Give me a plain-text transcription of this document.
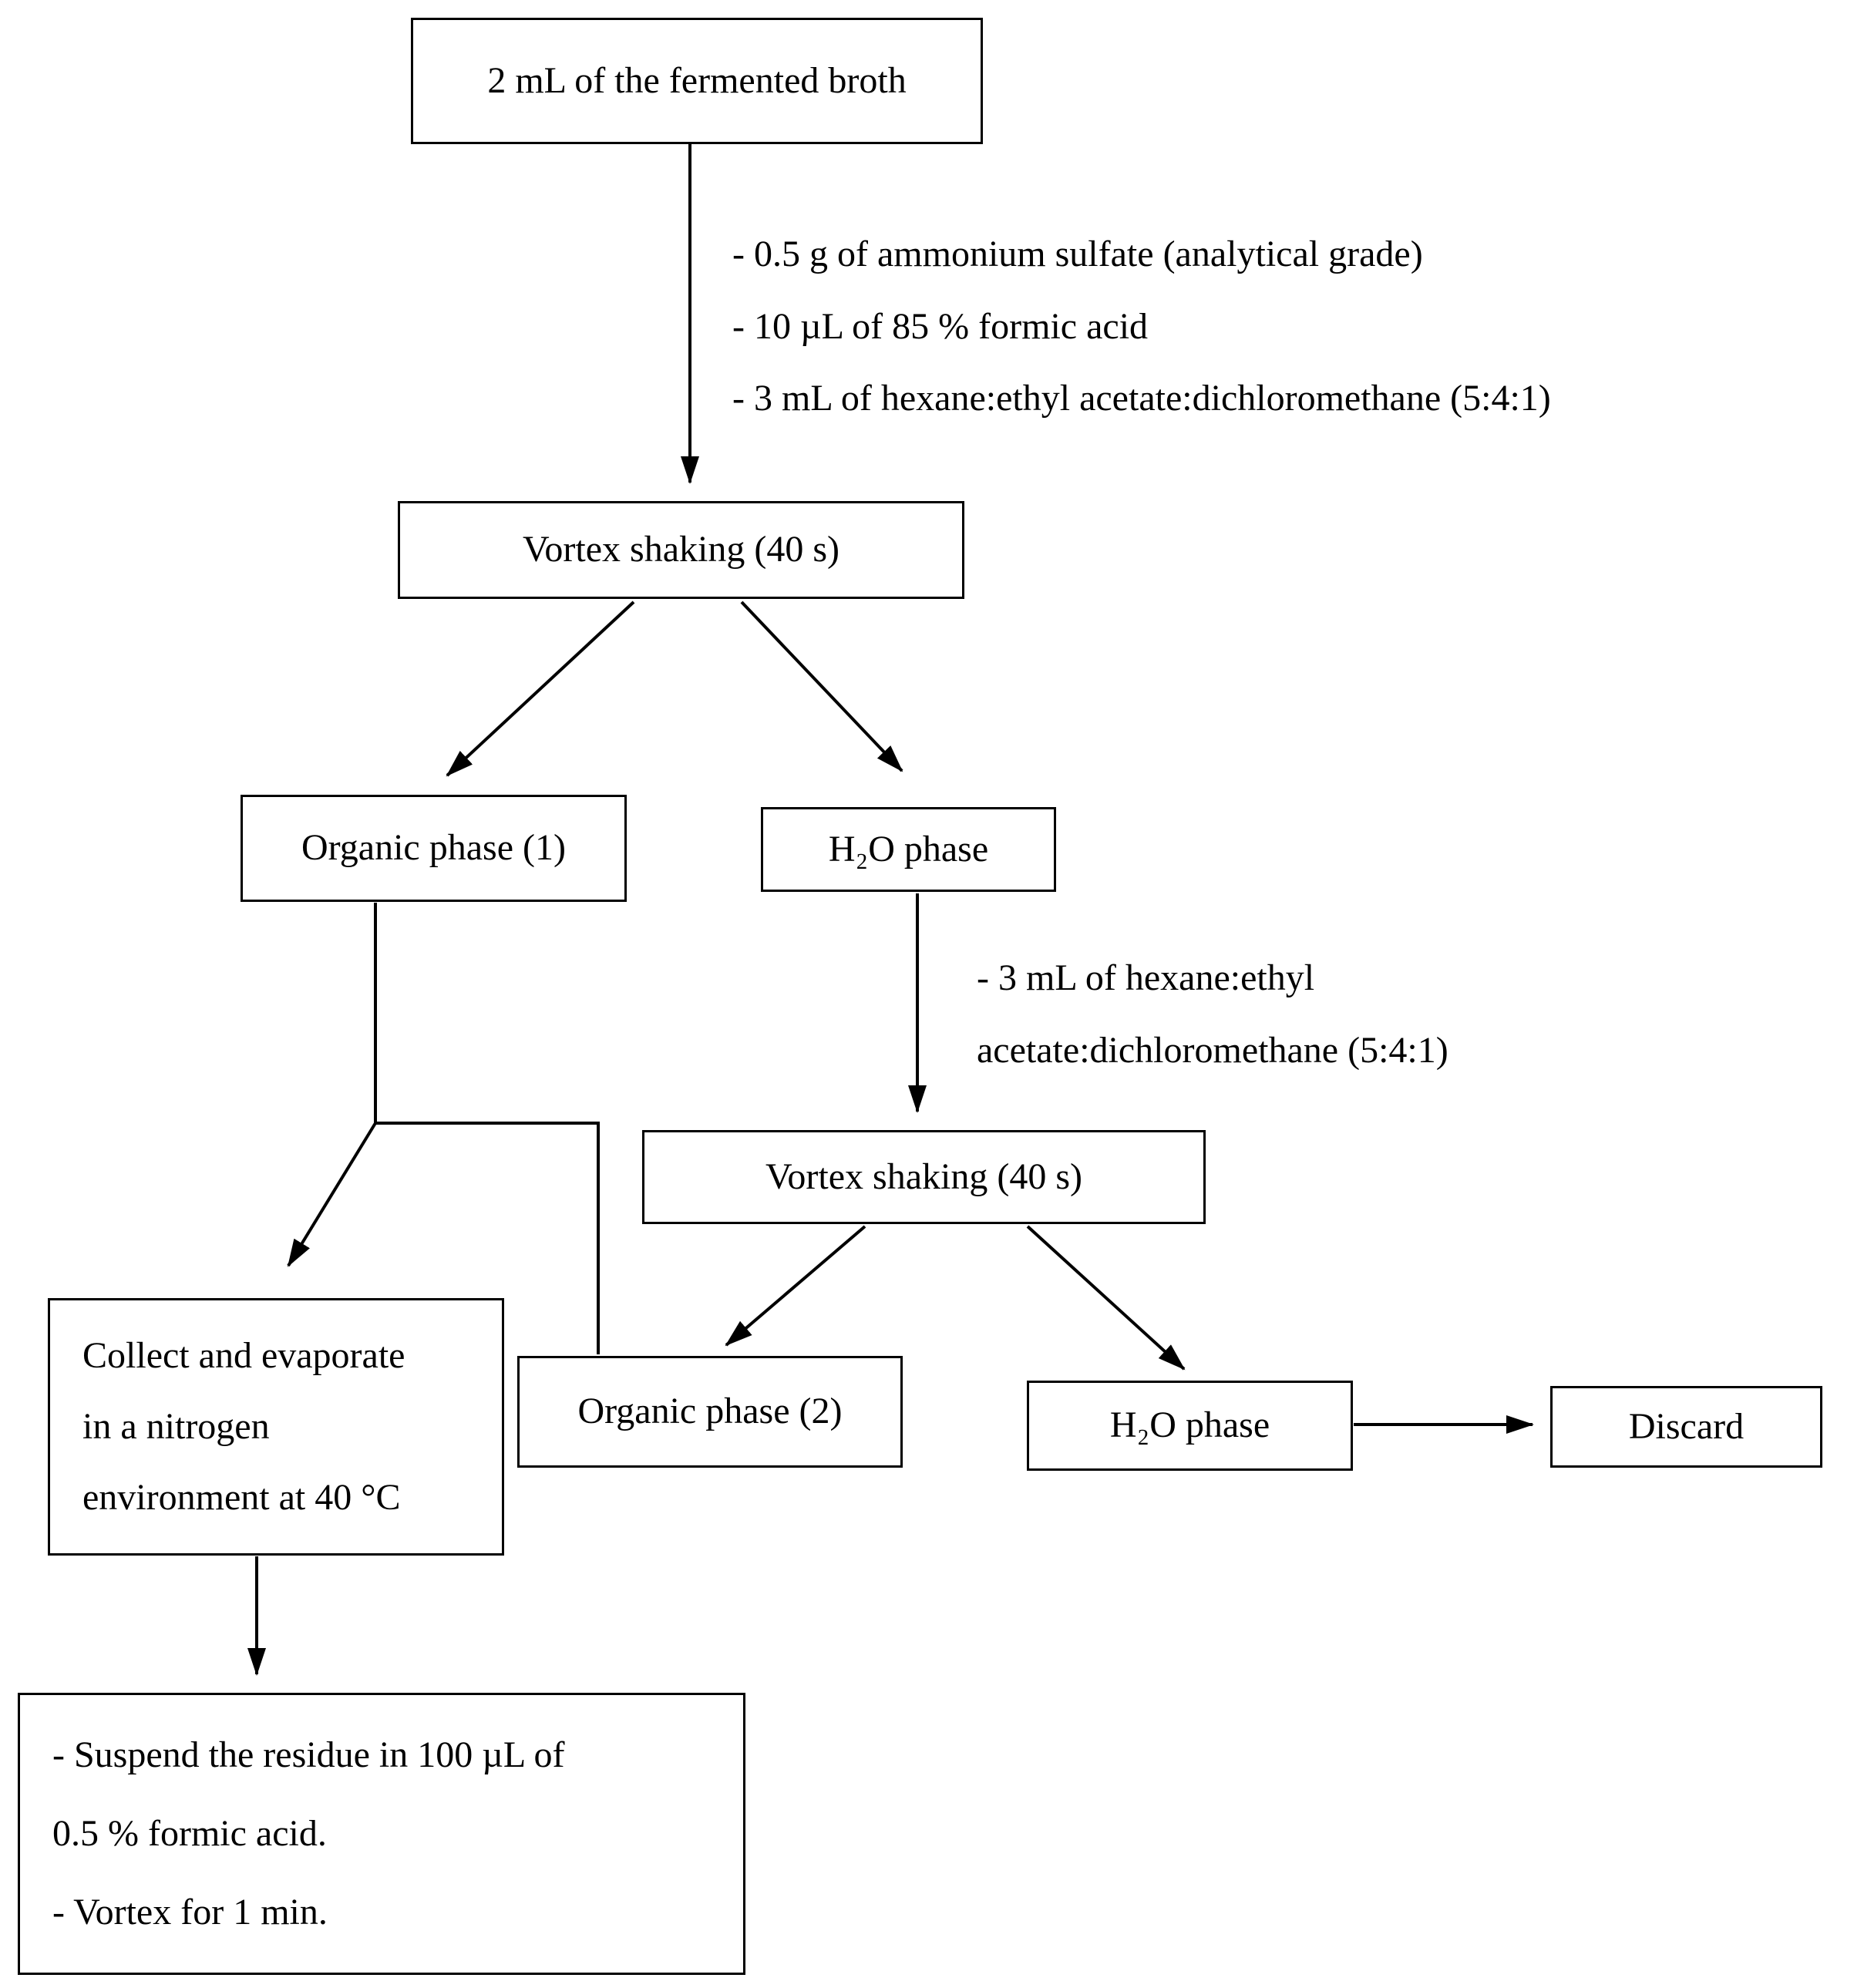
2 mL of the fermented broth
Vortex shaking (40 s)
Organic phase (1)	H₂O phase
Vortex shaking (40 s)
Collect and evaporate
in a nitrogen
environment at 40 °C
Organic phase (2)	H₂O phase	Discard
- Suspend the residue in 100 µL of
0.5 % formic acid.
- Vortex for 1 min.
- 0.5 g of ammonium sulfate (analytical grade)
- 10 µL of 85 % formic acid
- 3 mL of hexane:ethyl acetate:dichloromethane (5:4:1)
- 3 mL of hexane:ethyl
acetate:dichloromethane (5:4:1)
